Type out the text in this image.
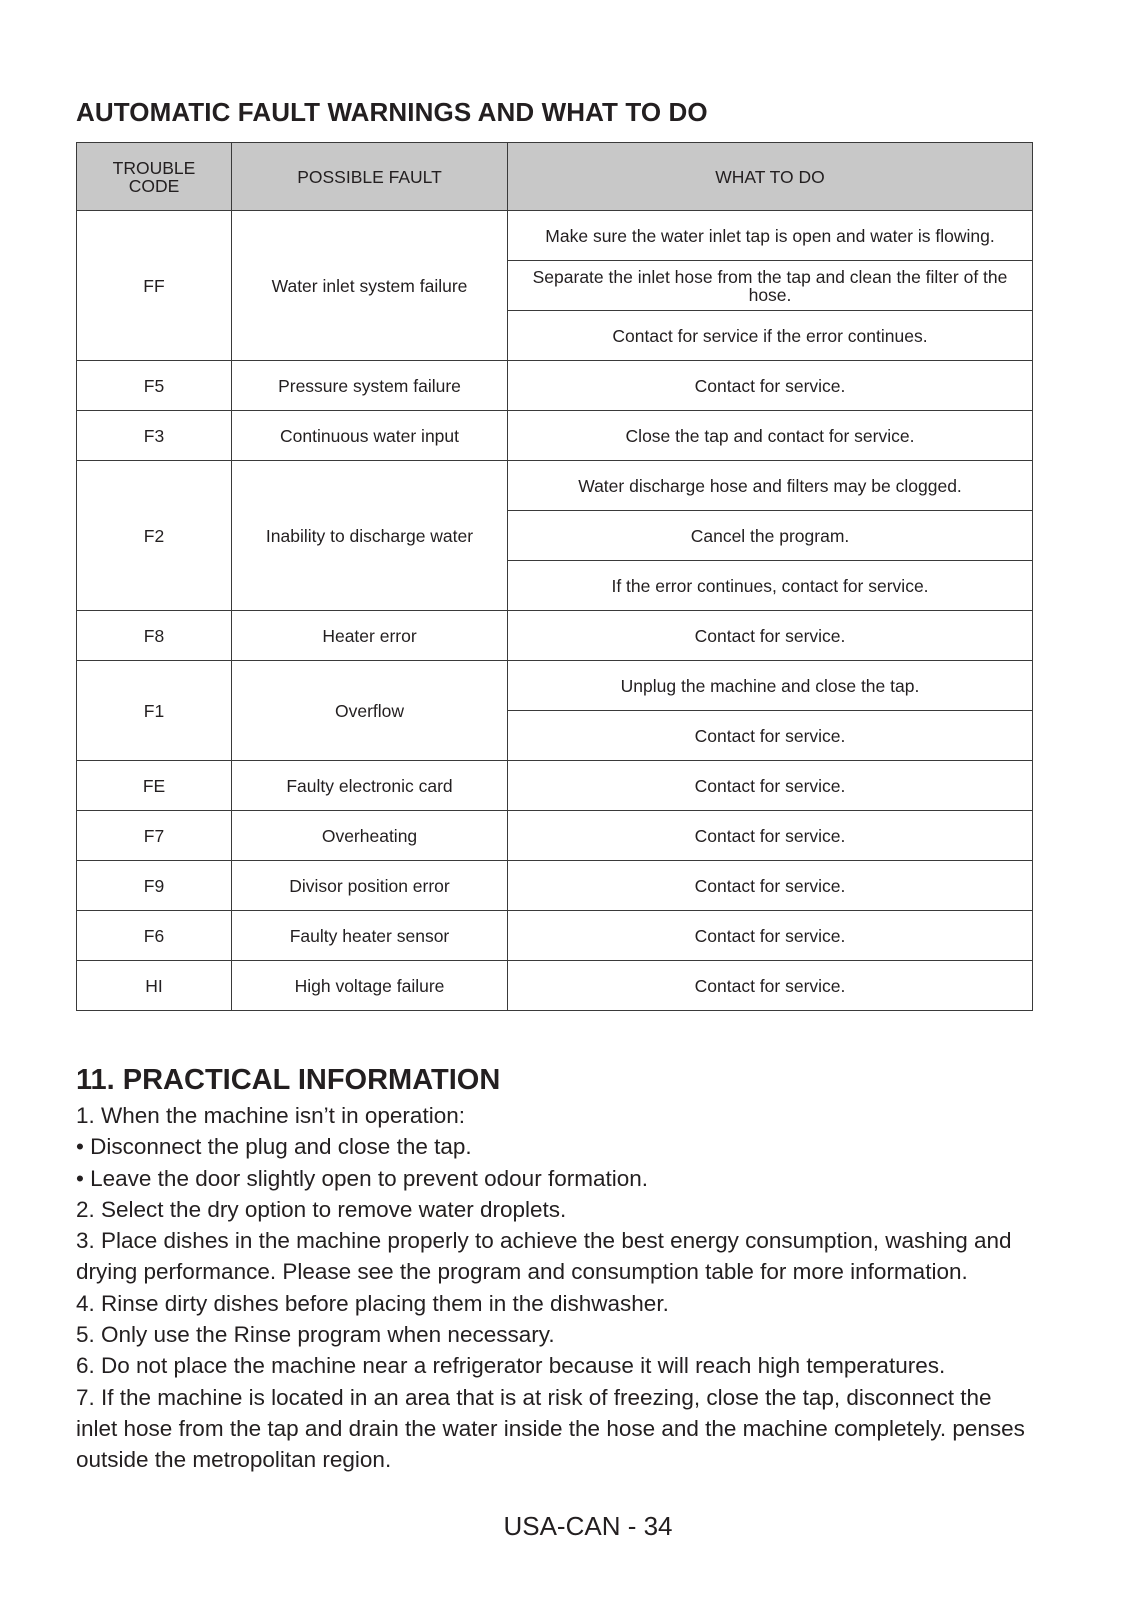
AUTOMATIC FAULT WARNINGS AND WHAT TO DO
TROUBLE CODE	POSSIBLE FAULT	WHAT TO DO
FF	Water inlet system failure	Make sure the water inlet tap is open and water is flowing.
		Separate the inlet hose from the tap and clean the filter of the hose.
		Contact for service if the error continues.
F5	Pressure system failure	Contact for service.
F3	Continuous water input	Close the tap and contact for service.
F2	Inability to discharge water	Water discharge hose and filters may be clogged.
		Cancel the program.
		If the error continues, contact for service.
F8	Heater error	Contact for service.
F1	Overflow	Unplug the machine and close the tap.
		Contact for service.
FE	Faulty electronic card	Contact for service.
F7	Overheating	Contact for service.
F9	Divisor position error	Contact for service.
F6	Faulty heater sensor	Contact for service.
HI	High voltage failure	Contact for service.
11. PRACTICAL INFORMATION

1. When the machine isn’t in operation:

• Disconnect the plug and close the tap.

• Leave the door slightly open to prevent odour formation.

2. Select the dry option to remove water droplets.

3. Place dishes in the machine properly to achieve the best energy consumption, washing and drying performance. Please see the program and consumption table for more information.

4. Rinse dirty dishes before placing them in the dishwasher.

5. Only use the Rinse program when necessary.

6. Do not place the machine near a refrigerator because it will reach high temperatures.

7. If the machine is located in an area that is at risk of freezing, close the tap, disconnect the inlet hose from the tap and drain the water inside the hose and the machine completely. penses outside the metropolitan region.

USA-CAN - 34
